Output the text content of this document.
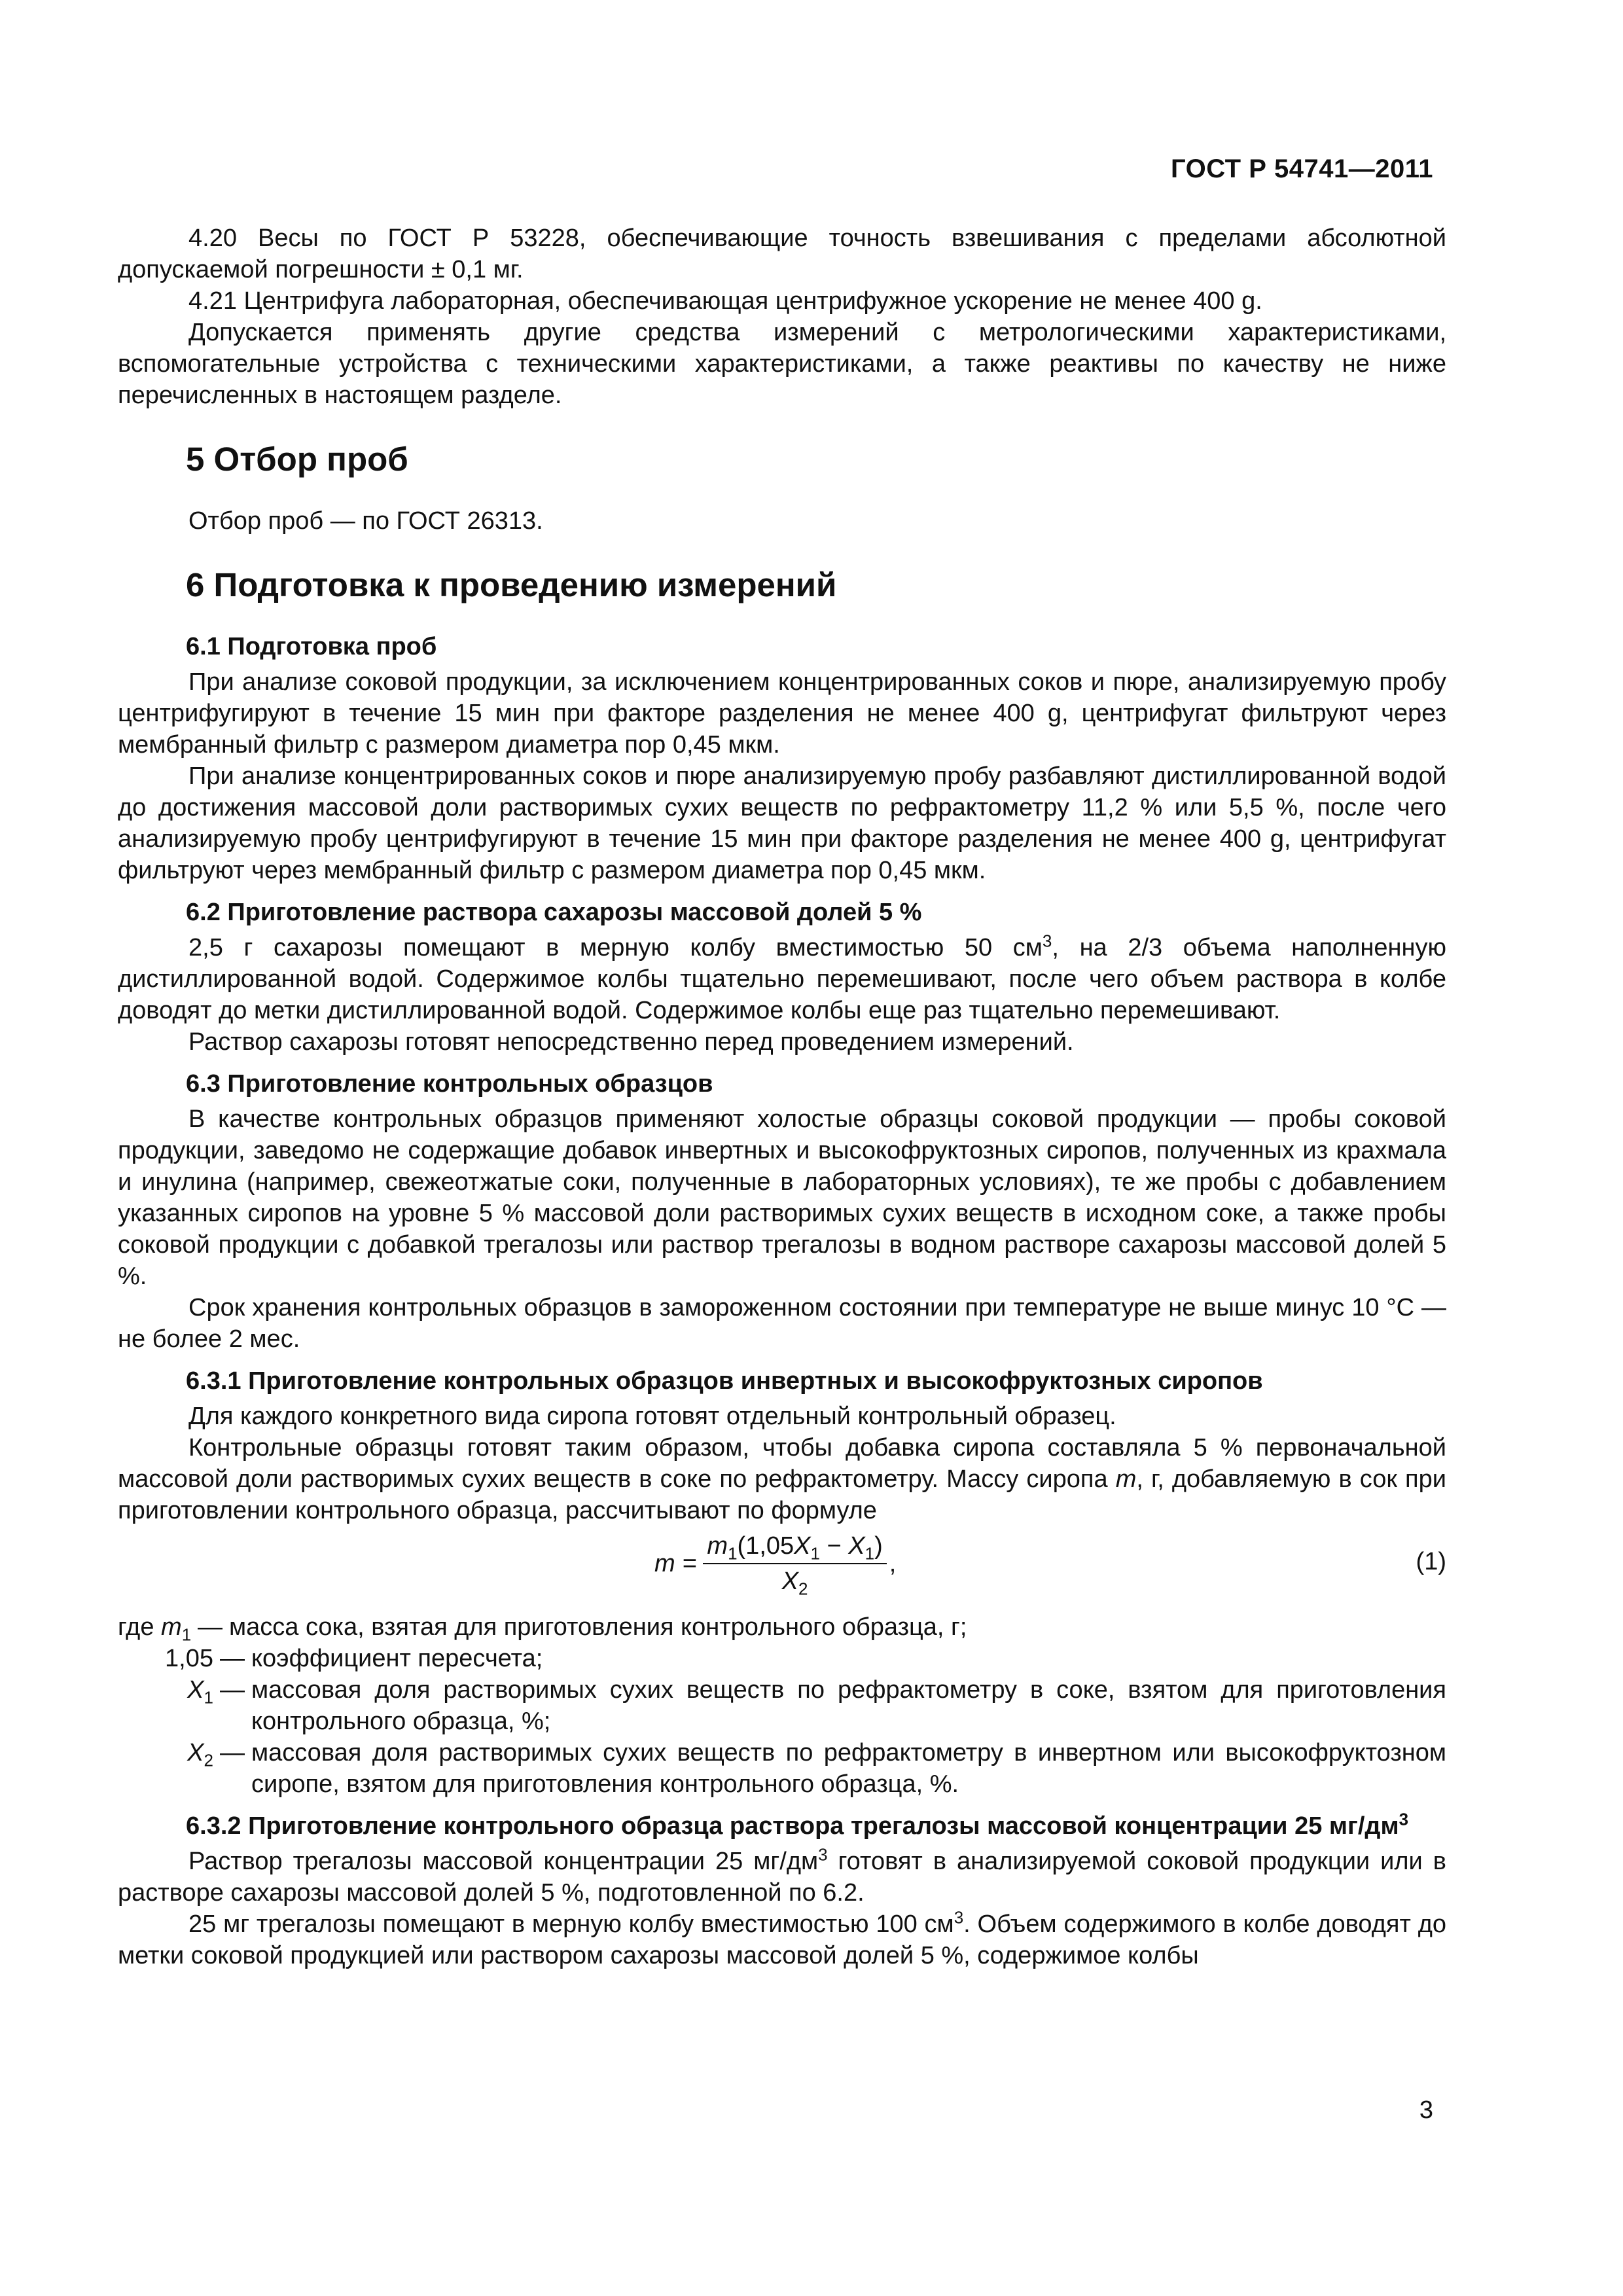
ГОСТ Р 54741—2011

4.20 Весы по ГОСТ Р 53228, обеспечивающие точность взвешивания с пределами абсолютной допускаемой погрешности ± 0,1 мг.

4.21 Центрифуга лабораторная, обеспечивающая центрифужное ускорение не менее 400 g.

Допускается применять другие средства измерений с метрологическими характеристиками, вспомогательные устройства с техническими характеристиками, а также реактивы по качеству не ниже перечисленных в настоящем разделе.

5 Отбор проб

Отбор проб — по ГОСТ 26313.

6 Подготовка к проведению измерений
6.1 Подготовка проб

При анализе соковой продукции, за исключением концентрированных соков и пюре, анализируемую пробу центрифугируют в течение 15 мин при факторе разделения не менее 400 g, центрифугат фильтруют через мембранный фильтр с размером диаметра пор 0,45 мкм.

При анализе концентрированных соков и пюре анализируемую пробу разбавляют дистиллированной водой до достижения массовой доли растворимых сухих веществ по рефрактометру 11,2 % или 5,5 %, после чего анализируемую пробу центрифугируют в течение 15 мин при факторе разделения не менее 400 g, центрифугат фильтруют через мембранный фильтр с размером диаметра пор 0,45 мкм.

6.2 Приготовление раствора сахарозы массовой долей 5 %

2,5 г сахарозы помещают в мерную колбу вместимостью 50 $см^3$, на 2/3 объема наполненную дистиллированной водой. Содержимое колбы тщательно перемешивают, после чего объем раствора в колбе доводят до метки дистиллированной водой. Содержимое колбы еще раз тщательно перемешивают.

Раствор сахарозы готовят непосредственно перед проведением измерений.

6.3 Приготовление контрольных образцов

В качестве контрольных образцов применяют холостые образцы соковой продукции — пробы соковой продукции, заведомо не содержащие добавок инвертных и высокофруктозных сиропов, полученных из крахмала и инулина (например, свежеотжатые соки, полученные в лабораторных условиях), те же пробы с добавлением указанных сиропов на уровне 5 % массовой доли растворимых сухих веществ в исходном соке, а также пробы соковой продукции с добавкой трегалозы или раствор трегалозы в водном растворе сахарозы массовой долей 5 %.

Срок хранения контрольных образцов в замороженном состоянии при температуре не выше минус 10 °С — не более 2 мес.

6.3.1 Приготовление контрольных образцов инвертных и высокофруктозных сиропов

Для каждого конкретного вида сиропа готовят отдельный контрольный образец.

Контрольные образцы готовят таким образом, чтобы добавка сиропа составляла 5 % первоначальной массовой доли растворимых сухих веществ в соке по рефрактометру. Массу сиропа m, г, добавляемую в сок при приготовлении контрольного образца, рассчитывают по формуле

$m = \frac{m_1(1,05X_1 - X_1)}{X_2}$ ,	(1)
где $m_1$ — масса сока, взятая для приготовления контрольного образца, г;
1,05 — коэффициент пересчета;
$X_1$ — массовая доля растворимых сухих веществ по рефрактометру в соке, взятом для приготовления контрольного образца, %;
$X_2$ — массовая доля растворимых сухих веществ по рефрактометру в инвертном или высокофруктозном сиропе, взятом для приготовления контрольного образца, %.
6.3.2 Приготовление контрольного образца раствора трегалозы массовой концентрации 25 $мг/дм^3$

Раствор трегалозы массовой концентрации 25 $мг/дм^3$ готовят в анализируемой соковой продукции или в растворе сахарозы массовой долей 5 %, подготовленной по 6.2.

25 мг трегалозы помещают в мерную колбу вместимостью 100 $см^3$. Объем содержимого в колбе доводят до метки соковой продукцией или раствором сахарозы массовой долей 5 %, содержимое колбы

3
